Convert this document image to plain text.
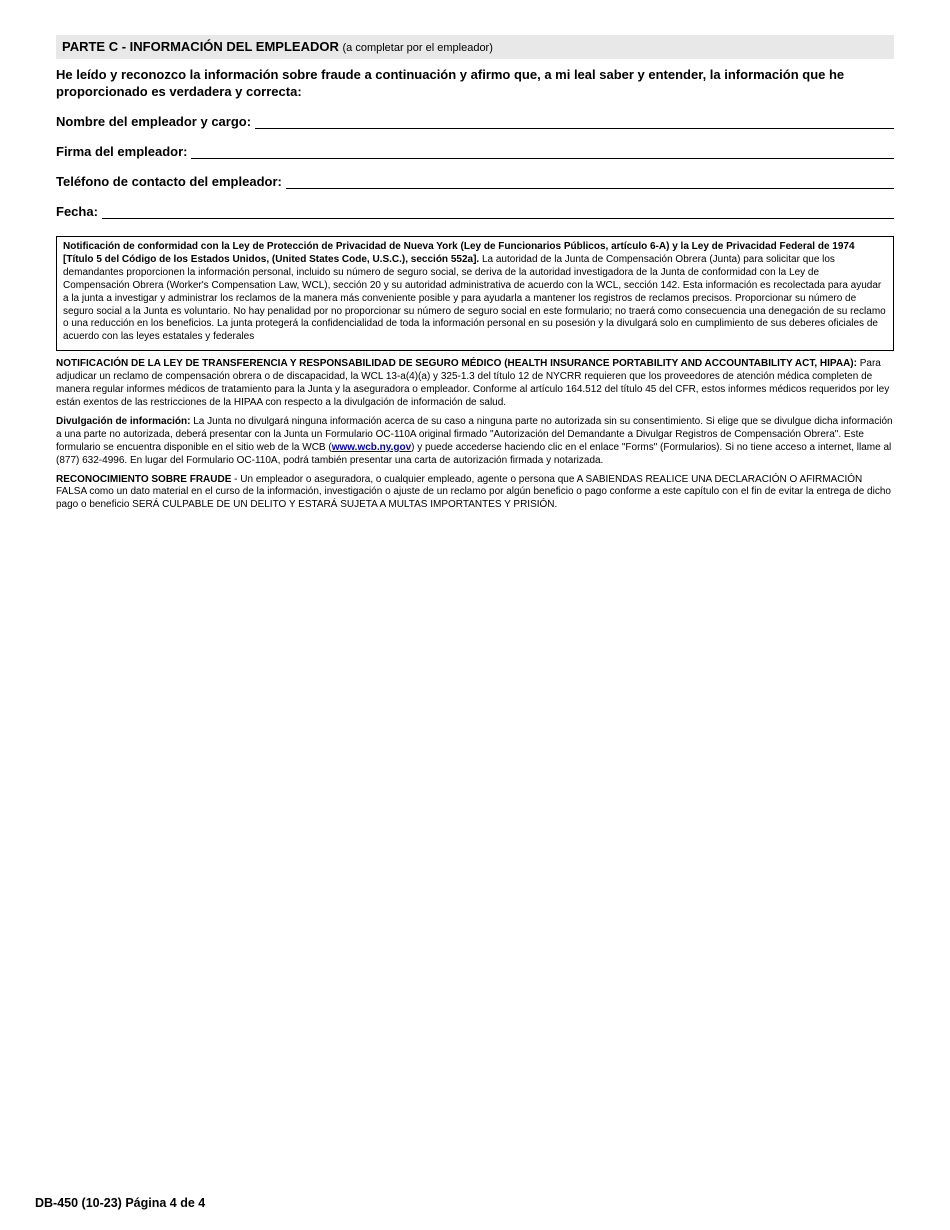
PARTE C - INFORMACIÓN DEL EMPLEADOR (a completar por el empleador)
He leído y reconozco la información sobre fraude a continuación y afirmo que, a mi leal saber y entender, la información que he proporcionado es verdadera y correcta:
Nombre del empleador y cargo:
Firma del empleador:
Teléfono de contacto del empleador:
Fecha:
Notificación de conformidad con la Ley de Protección de Privacidad de Nueva York (Ley de Funcionarios Públicos, artículo 6-A) y la Ley de Privacidad Federal de 1974 [Título 5 del Código de los Estados Unidos, (United States Code, U.S.C.), sección 552a]. La autoridad de la Junta de Compensación Obrera (Junta) para solicitar que los demandantes proporcionen la información personal, incluido su número de seguro social, se deriva de la autoridad investigadora de la Junta de conformidad con la Ley de Compensación Obrera (Worker's Compensation Law, WCL), sección 20 y su autoridad administrativa de acuerdo con la WCL, sección 142. Esta información es recolectada para ayudar a la junta a investigar y administrar los reclamos de la manera más conveniente posible y para ayudarla a mantener los registros de reclamos precisos. Proporcionar su número de seguro social a la Junta es voluntario. No hay penalidad por no proporcionar su número de seguro social en este formulario; no traerá como consecuencia una denegación de su reclamo o una reducción en los beneficios. La junta protegerá la confidencialidad de toda la información personal en su posesión y la divulgará solo en cumplimiento de sus deberes oficiales de acuerdo con las leyes estatales y federales
NOTIFICACIÓN DE LA LEY DE TRANSFERENCIA Y RESPONSABILIDAD DE SEGURO MÉDICO (HEALTH INSURANCE PORTABILITY AND ACCOUNTABILITY ACT, HIPAA): Para adjudicar un reclamo de compensación obrera o de discapacidad, la WCL 13-a(4)(a) y 325-1.3 del título 12 de NYCRR requieren que los proveedores de atención médica completen de manera regular informes médicos de tratamiento para la Junta y la aseguradora o empleador. Conforme al artículo 164.512 del título 45 del CFR, estos informes médicos requeridos por ley están exentos de las restricciones de la HIPAA con respecto a la divulgación de información de salud.
Divulgación de información: La Junta no divulgará ninguna información acerca de su caso a ninguna parte no autorizada sin su consentimiento. Si elige que se divulgue dicha información a una parte no autorizada, deberá presentar con la Junta un Formulario OC-110A original firmado "Autorización del Demandante a Divulgar Registros de Compensación Obrera". Este formulario se encuentra disponible en el sitio web de la WCB (www.wcb.ny.gov) y puede accederse haciendo clic en el enlace "Forms" (Formularios). Si no tiene acceso a internet, llame al (877) 632-4996. En lugar del Formulario OC-110A, podrá también presentar una carta de autorización firmada y notarizada.
RECONOCIMIENTO SOBRE FRAUDE - Un empleador o aseguradora, o cualquier empleado, agente o persona que A SABIENDAS REALICE UNA DECLARACIÓN O AFIRMACIÓN FALSA como un dato material en el curso de la información, investigación o ajuste de un reclamo por algún beneficio o pago conforme a este capítulo con el fin de evitar la entrega de dicho pago o beneficio SERÁ CULPABLE DE UN DELITO Y ESTARÁ SUJETA A MULTAS IMPORTANTES Y PRISIÓN.
DB-450 (10-23) Página 4 de 4
